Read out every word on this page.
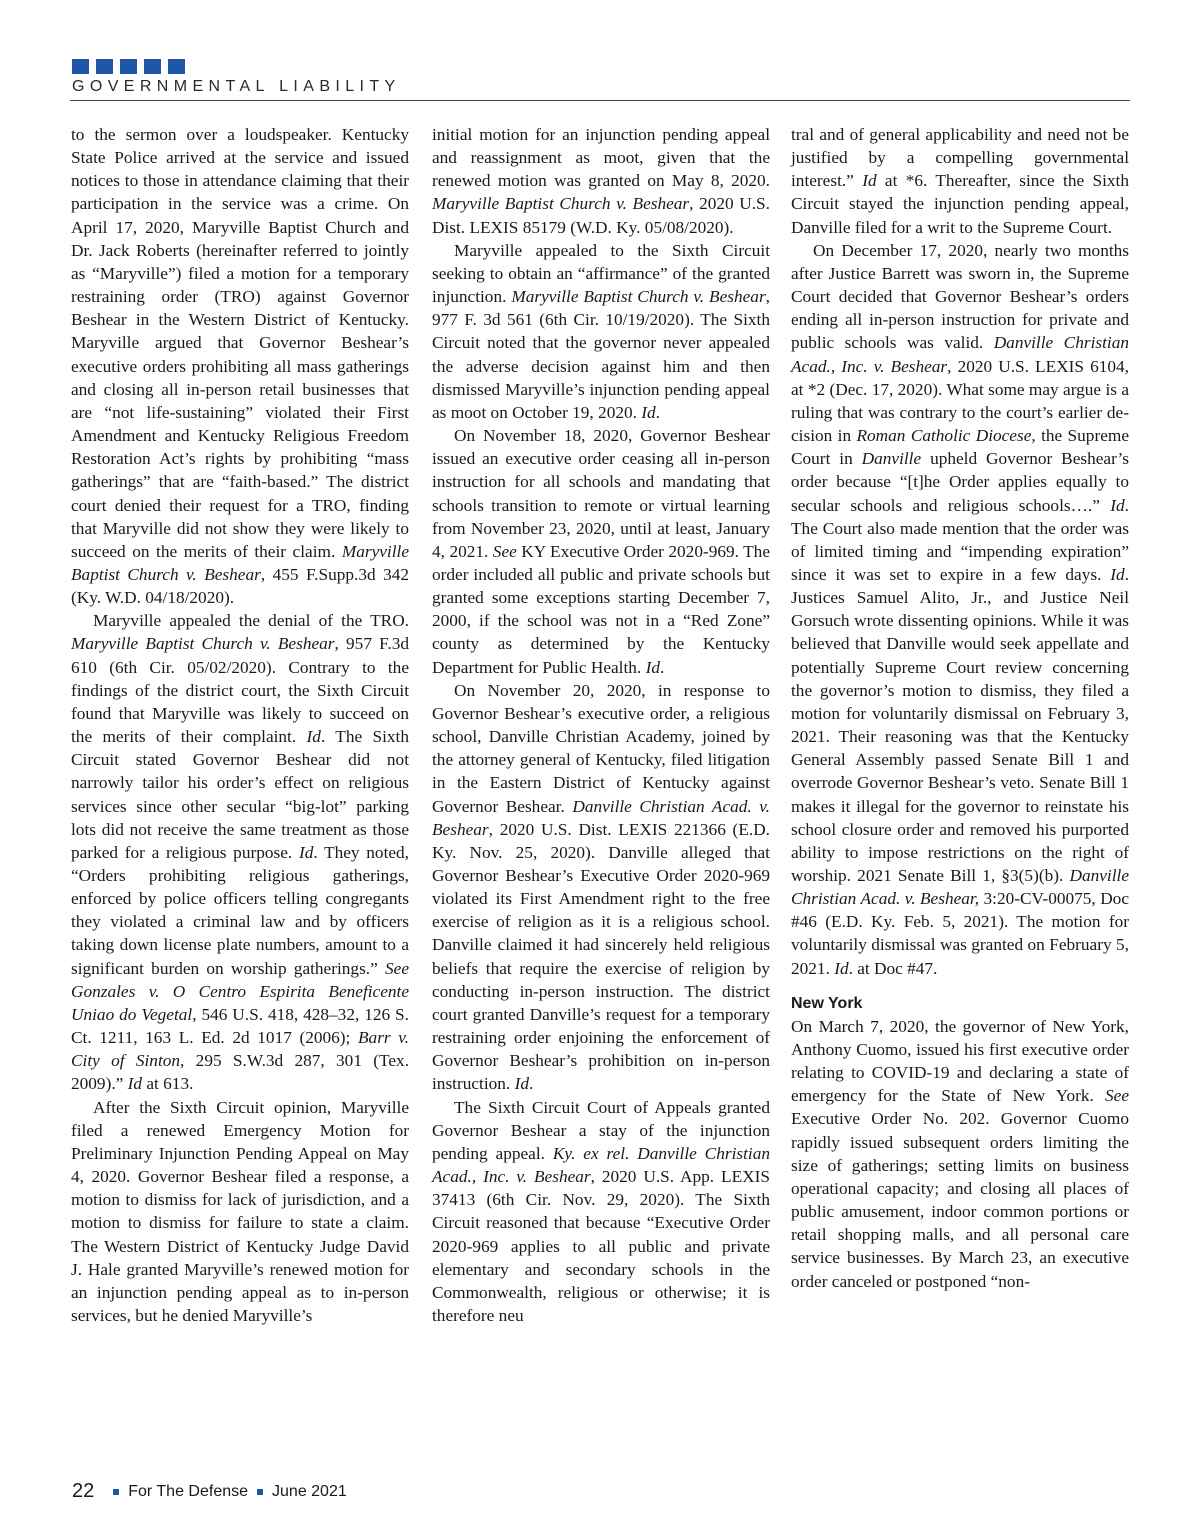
GOVERNMENTAL LIABILITY

to the sermon over a loudspeaker. Kentucky State Police arrived at the service and issued notices to those in attendance claiming that their participation in the service was a crime. On April 17, 2020, Maryville Baptist Church and Dr. Jack Roberts (hereinafter referred to jointly as “Maryville”) filed a motion for a temporary restraining order (TRO) against Governor Beshear in the Western District of Kentucky. Maryville argued that Governor Beshear’s executive orders prohibiting all mass gatherings and closing all in-person retail businesses that are “not life-sustaining” violated their First Amendment and Kentucky Religious Freedom Restoration Act’s rights by prohibiting “mass gatherings” that are “faith-based.” The district court denied their request for a TRO, finding that Maryville did not show they were likely to succeed on the merits of their claim. Maryville Baptist Church v. Beshear, 455 F.Supp.3d 342 (Ky. W.D. 04/18/2020).

Maryville appealed the denial of the TRO. Maryville Baptist Church v. Beshear, 957 F.3d 610 (6th Cir. 05/02/2020). Contrary to the findings of the district court, the Sixth Circuit found that Maryville was likely to succeed on the merits of their complaint. Id. The Sixth Circuit stated Governor Beshear did not narrowly tailor his order’s effect on religious services since other secular “big-lot” parking lots did not receive the same treatment as those parked for a religious purpose. Id. They noted, “Orders prohibiting religious gatherings, enforced by police officers telling congregants they violated a criminal law and by officers taking down license plate numbers, amount to a significant burden on worship gatherings.” See Gonzales v. O Centro Espirita Beneficente Uniao do Vegetal, 546 U.S. 418, 428–32, 126 S. Ct. 1211, 163 L. Ed. 2d 1017 (2006); Barr v. City of Sinton, 295 S.W.3d 287, 301 (Tex. 2009).” Id at 613.

After the Sixth Circuit opinion, Maryville filed a renewed Emergency Motion for Preliminary Injunction Pending Appeal on May 4, 2020. Governor Beshear filed a response, a motion to dismiss for lack of jurisdiction, and a motion to dismiss for failure to state a claim. The Western District of Kentucky Judge David J. Hale granted Maryville’s renewed motion for an injunction pending appeal as to in-person services, but he denied Maryville’s

initial motion for an injunction pending appeal and reassignment as moot, given that the renewed motion was granted on May 8, 2020. Maryville Baptist Church v. Beshear, 2020 U.S. Dist. LEXIS 85179 (W.D. Ky. 05/08/2020).

Maryville appealed to the Sixth Circuit seeking to obtain an “affirmance” of the granted injunction. Maryville Baptist Church v. Beshear, 977 F. 3d 561 (6th Cir. 10/19/2020). The Sixth Circuit noted that the governor never appealed the adverse decision against him and then dismissed Maryville’s injunction pending appeal as moot on October 19, 2020. Id.

On November 18, 2020, Governor Beshear issued an executive order ceasing all in-person instruction for all schools and mandating that schools transition to remote or virtual learning from November 23, 2020, until at least, January 4, 2021. See KY Executive Order 2020-969. The order included all public and private schools but granted some exceptions starting December 7, 2000, if the school was not in a “Red Zone” county as determined by the Kentucky Department for Public Health. Id.

On November 20, 2020, in response to Governor Beshear’s executive order, a religious school, Danville Christian Academy, joined by the attorney general of Kentucky, filed litigation in the Eastern District of Kentucky against Governor Beshear. Danville Christian Acad. v. Beshear, 2020 U.S. Dist. LEXIS 221366 (E.D. Ky. Nov. 25, 2020). Danville alleged that Governor Beshear’s Executive Order 2020-969 violated its First Amendment right to the free exercise of religion as it is a religious school. Danville claimed it had sincerely held religious beliefs that require the exercise of religion by conducting in-person instruction. The district court granted Danville’s request for a temporary restraining order enjoining the enforcement of Governor Beshear’s prohibition on in-person instruction. Id.

The Sixth Circuit Court of Appeals granted Governor Beshear a stay of the injunction pending appeal. Ky. ex rel. Danville Christian Acad., Inc. v. Beshear, 2020 U.S. App. LEXIS 37413 (6th Cir. Nov. 29, 2020). The Sixth Circuit reasoned that because “Executive Order 2020-969 applies to all public and private elementary and secondary schools in the Commonwealth, religious or otherwise; it is therefore neu

tral and of general applicability and need not be justified by a compelling governmental interest.” Id at *6. Thereafter, since the Sixth Circuit stayed the injunction pending appeal, Danville filed for a writ to the Supreme Court.

On December 17, 2020, nearly two months after Justice Barrett was sworn in, the Supreme Court decided that Governor Beshear’s orders ending all in-person instruction for private and public schools was valid. Danville Christian Acad., Inc. v. Beshear, 2020 U.S. LEXIS 6104, at *2 (Dec. 17, 2020). What some may argue is a ruling that was contrary to the court’s earlier decision in Roman Catholic Diocese, the Supreme Court in Danville upheld Governor Beshear’s order because “[t]he Order applies equally to secular schools and religious schools….” Id. The Court also made mention that the order was of limited timing and “impending expiration” since it was set to expire in a few days. Id. Justices Samuel Alito, Jr., and Justice Neil Gorsuch wrote dissenting opinions. While it was believed that Danville would seek appellate and potentially Supreme Court review concerning the governor’s motion to dismiss, they filed a motion for voluntarily dismissal on February 3, 2021. Their reasoning was that the Kentucky General Assembly passed Senate Bill 1 and overrode Governor Beshear’s veto. Senate Bill 1 makes it illegal for the governor to reinstate his school closure order and removed his purported ability to impose restrictions on the right of worship. 2021 Senate Bill 1, §3(5)(b). Danville Christian Acad. v. Beshear, 3:20-CV-00075, Doc #46 (E.D. Ky. Feb. 5, 2021). The motion for voluntarily dismissal was granted on February 5, 2021. Id. at Doc #47.

New York

On March 7, 2020, the governor of New York, Anthony Cuomo, issued his first executive order relating to COVID-19 and declaring a state of emergency for the State of New York. See Executive Order No. 202. Governor Cuomo rapidly issued subsequent orders limiting the size of gatherings; setting limits on business operational capacity; and closing all places of public amusement, indoor common portions or retail shopping malls, and all personal care service businesses. By March 23, an executive order canceled or postponed “non-

22 For The Defense June 2021
